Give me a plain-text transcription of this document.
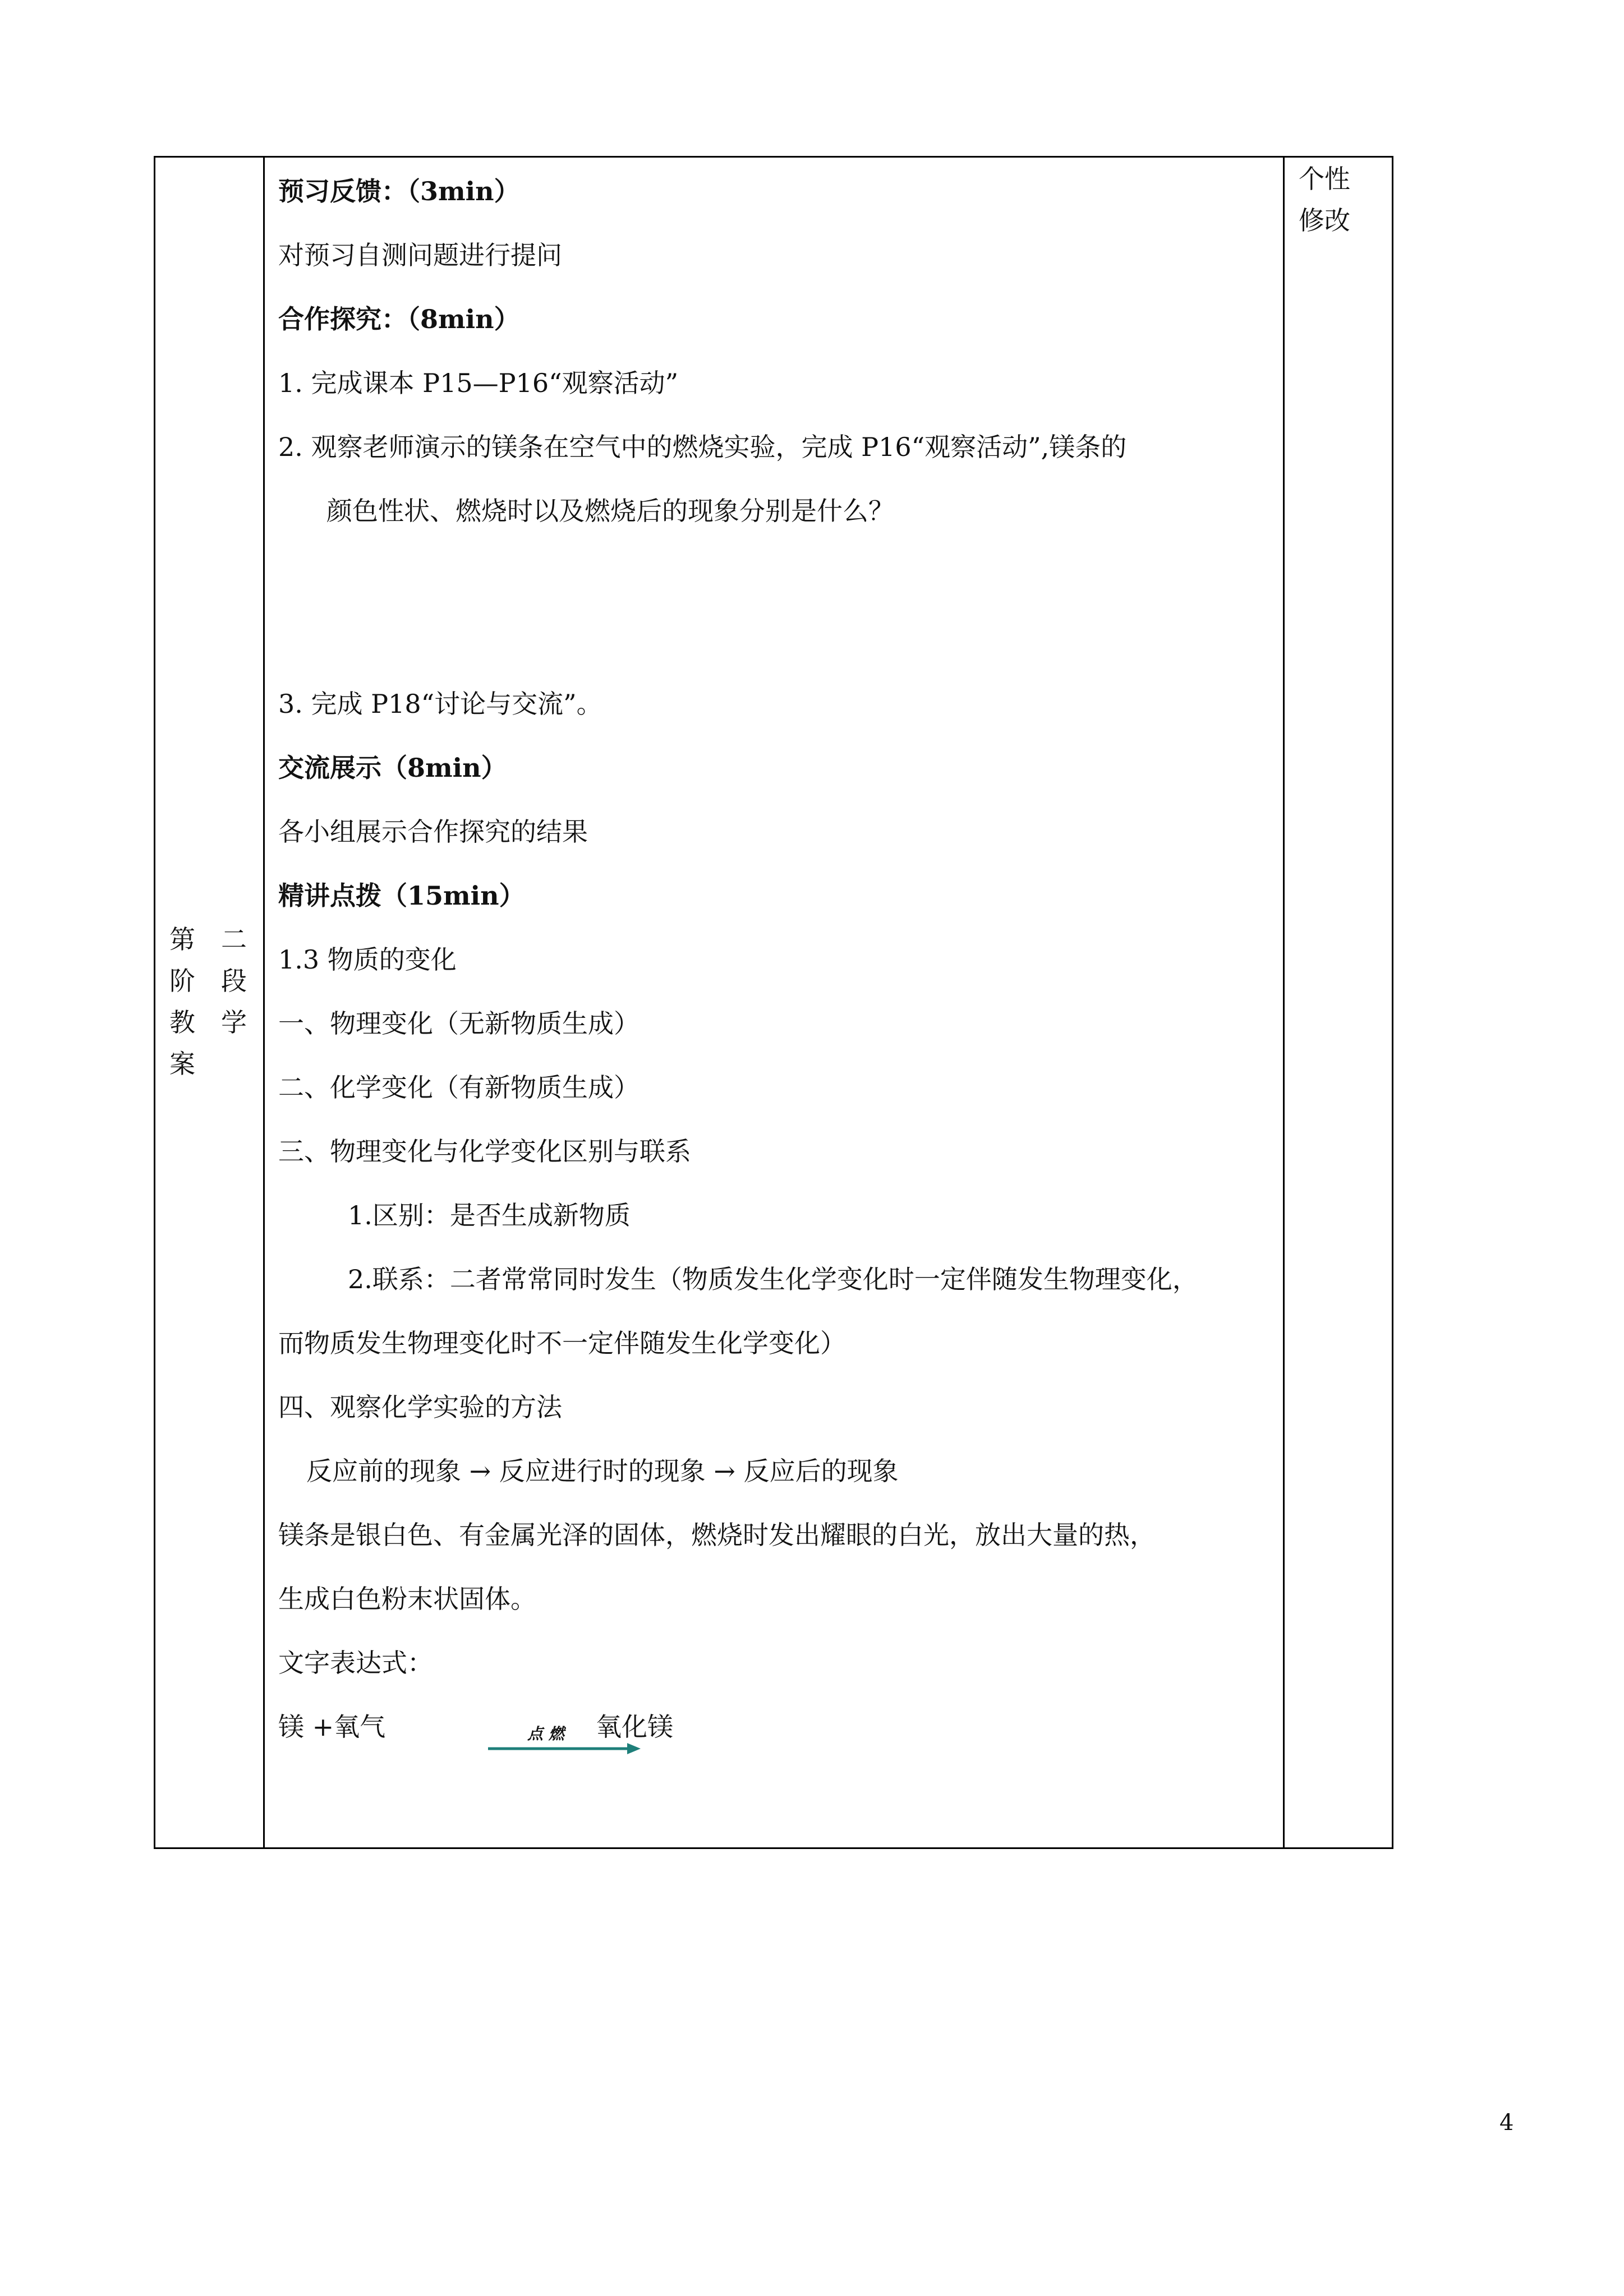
第 二
阶 段
教 学
案
个性
修改
预习反馈：（3min）
对预习自测问题进行提问
合作探究：（8min）
1. 完成课本 P15—P16“观察活动”
2. 观察老师演示的镁条在空气中的燃烧实验，完成 P16“观察活动”,镁条的
颜色性状、燃烧时以及燃烧后的现象分别是什么？
3. 完成 P18“讨论与交流”。
交流展示（8min）
各小组展示合作探究的结果
精讲点拨（15min）
1.3 物质的变化
一、物理变化（无新物质生成）
二、化学变化（有新物质生成）
三、物理变化与化学变化区别与联系
1.区别：是否生成新物质
2.联系：二者常常同时发生（物质发生化学变化时一定伴随发生物理变化，
而物质发生物理变化时不一定伴随发生化学变化）
四、观察化学实验的方法
反应前的现象 → 反应进行时的现象 → 反应后的现象
镁条是银白色、有金属光泽的固体，燃烧时发出耀眼的白光，放出大量的热，
生成白色粉末状固体。
文字表达式：
镁 +氧气	点 燃 氧化镁
4
